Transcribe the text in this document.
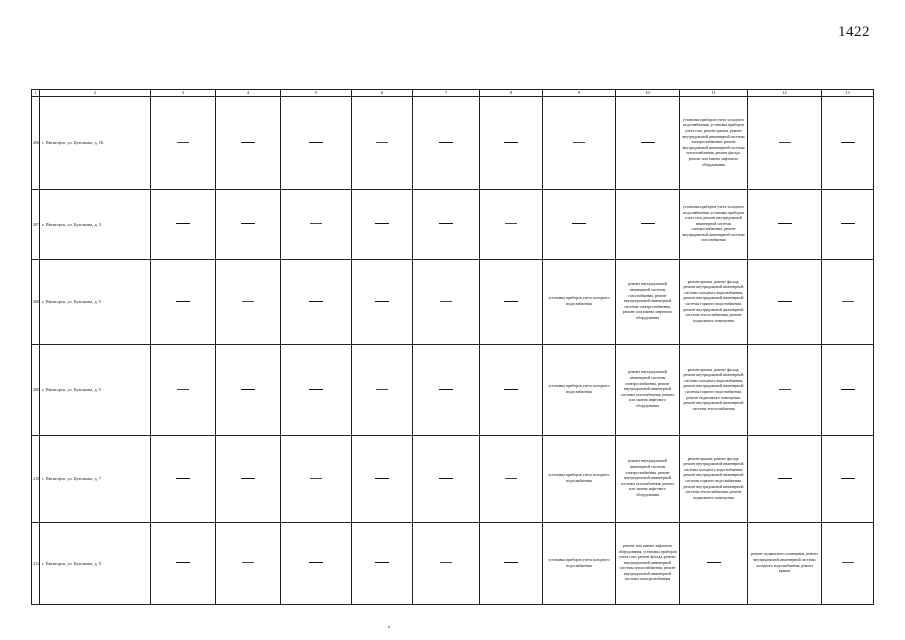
1422
1	2	3	4	5	6	7	8	9	10	11	12	13
206.	г. Пятигорск, ул. Булгакова, д. 1Б									установка приборов учета холодного водоснабжения, установка приборов учета газа, ремонт крыши, ремонт внутридомовой инженерной системы электроснабжения, ремонт внутридомовой инженерной системы теплоснабжения, ремонт фасада, ремонт или замена лифтового оборудования		
207.	г. Пятигорск, ул. Булгакова, д. 3									установка приборов учета холодного водоснабжения, установка приборов учета газа, ремонт внутридомовой инженерной системы электроснабжения, ремонт внутридомовой инженерной системы газоснабжения		
208.	г. Пятигорск, ул. Булгакова, д. 5							установка приборов учета холодного водоснабжения	ремонт внутридомовой инженерной системы газоснабжения, ремонт внутридомовой инженерной системы электроснабжения, ремонт или замена лифтового оборудования	ремонт крыши, ремонт фасада, ремонт внутридомовой инженерной системы холодного водоснабжения, ремонт внутридомовой инженерной системы горячего водоснабжения, ремонт внутридомовой инженерной системы теплоснабжения, ремонт подвального помещения		
209.	г. Пятигорск, ул. Булгакова, д. 5							установка приборов учета холодного водоснабжения	ремонт внутридомовой инженерной системы электроснабжения, ремонт внутридомовой инженерной системы газоснабжения, ремонт или замена лифтового оборудования	ремонт крыши, ремонт фасада, ремонт внутридомовой инженерной системы холодного водоснабжения, ремонт внутридомовой инженерной системы горячего водоснабжения, ремонт подвального помещения, ремонт внутридомовой инженерной системы теплоснабжения		
210.	г. Пятигорск, ул. Булгакова, д. 7							установка приборов учета холодного водоснабжения	ремонт внутридомовой инженерной системы электроснабжения, ремонт внутридомовой инженерной системы газоснабжения, ремонт или замена лифтового оборудования	ремонт крыши, ремонт фасада, ремонт внутридомовой инженерной системы холодного водоснабжения, ремонт внутридомовой инженерной системы горячего водоснабжения, ремонт внутридомовой инженерной системы теплоснабжения, ремонт подвального помещения		
211.	г. Пятигорск, ул. Булгакова, д. 9							установка приборов учета холодного водоснабжения	ремонт или замена лифтового оборудования, установка приборов учета газа, ремонт фасада, ремонт внутридомовой инженерной системы теплоснабжения, ремонт внутридомовой инженерной системы электроснабжения		ремонт подвального помещения, ремонт внутридомовой инженерной системы холодного водоснабжения, ремонт крыши	
